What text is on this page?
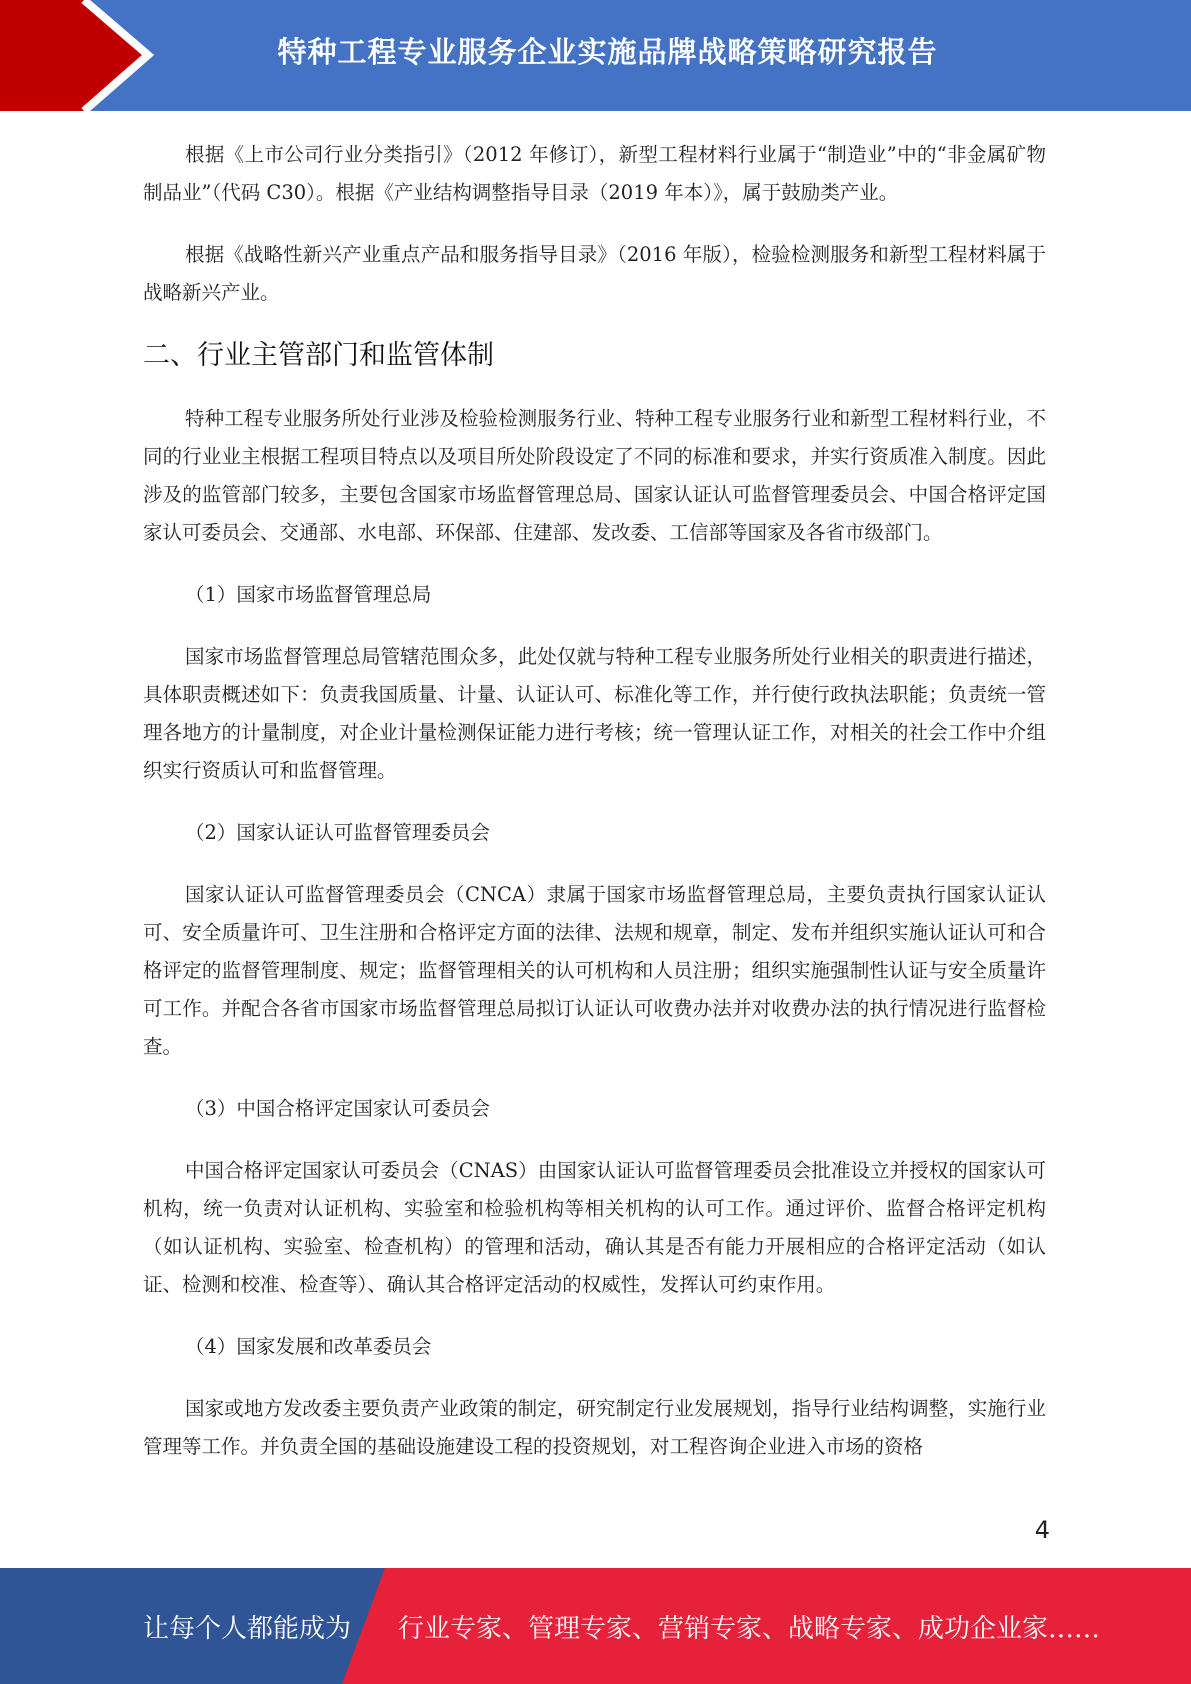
特种工程专业服务企业实施品牌战略策略研究报告

根据《上市公司行业分类指引》（2012 年修订），新型工程材料行业属于“制造业”中的“非金属矿物制品业”（代码 C30）。根据《产业结构调整指导目录（2019 年本）》，属于鼓励类产业。

根据《战略性新兴产业重点产品和服务指导目录》（2016 年版），检验检测服务和新型工程材料属于战略新兴产业。

二、行业主管部门和监管体制

特种工程专业服务所处行业涉及检验检测服务行业、特种工程专业服务行业和新型工程材料行业，不同的行业业主根据工程项目特点以及项目所处阶段设定了不同的标准和要求，并实行资质准入制度。因此涉及的监管部门较多，主要包含国家市场监督管理总局、国家认证认可监督管理委员会、中国合格评定国家认可委员会、交通部、水电部、环保部、住建部、发改委、工信部等国家及各省市级部门。

（1）国家市场监督管理总局

国家市场监督管理总局管辖范围众多，此处仅就与特种工程专业服务所处行业相关的职责进行描述，具体职责概述如下：负责我国质量、计量、认证认可、标准化等工作，并行使行政执法职能；负责统一管理各地方的计量制度，对企业计量检测保证能力进行考核；统一管理认证工作，对相关的社会工作中介组织实行资质认可和监督管理。

（2）国家认证认可监督管理委员会

国家认证认可监督管理委员会（CNCA）隶属于国家市场监督管理总局，主要负责执行国家认证认可、安全质量许可、卫生注册和合格评定方面的法律、法规和规章，制定、发布并组织实施认证认可和合格评定的监督管理制度、规定；监督管理相关的认可机构和人员注册；组织实施强制性认证与安全质量许可工作。并配合各省市国家市场监督管理总局拟订认证认可收费办法并对收费办法的执行情况进行监督检查。

（3）中国合格评定国家认可委员会

中国合格评定国家认可委员会（CNAS）由国家认证认可监督管理委员会批准设立并授权的国家认可机构，统一负责对认证机构、实验室和检验机构等相关机构的认可工作。通过评价、监督合格评定机构（如认证机构、实验室、检查机构）的管理和活动，确认其是否有能力开展相应的合格评定活动（如认证、检测和校准、检查等）、确认其合格评定活动的权威性，发挥认可约束作用。

（4）国家发展和改革委员会

国家或地方发改委主要负责产业政策的制定，研究制定行业发展规划，指导行业结构调整，实施行业管理等工作。并负责全国的基础设施建设工程的投资规划，对工程咨询企业进入市场的资格

4
让每个人都能成为 行业专家、管理专家、营销专家、战略专家、成功企业家……
